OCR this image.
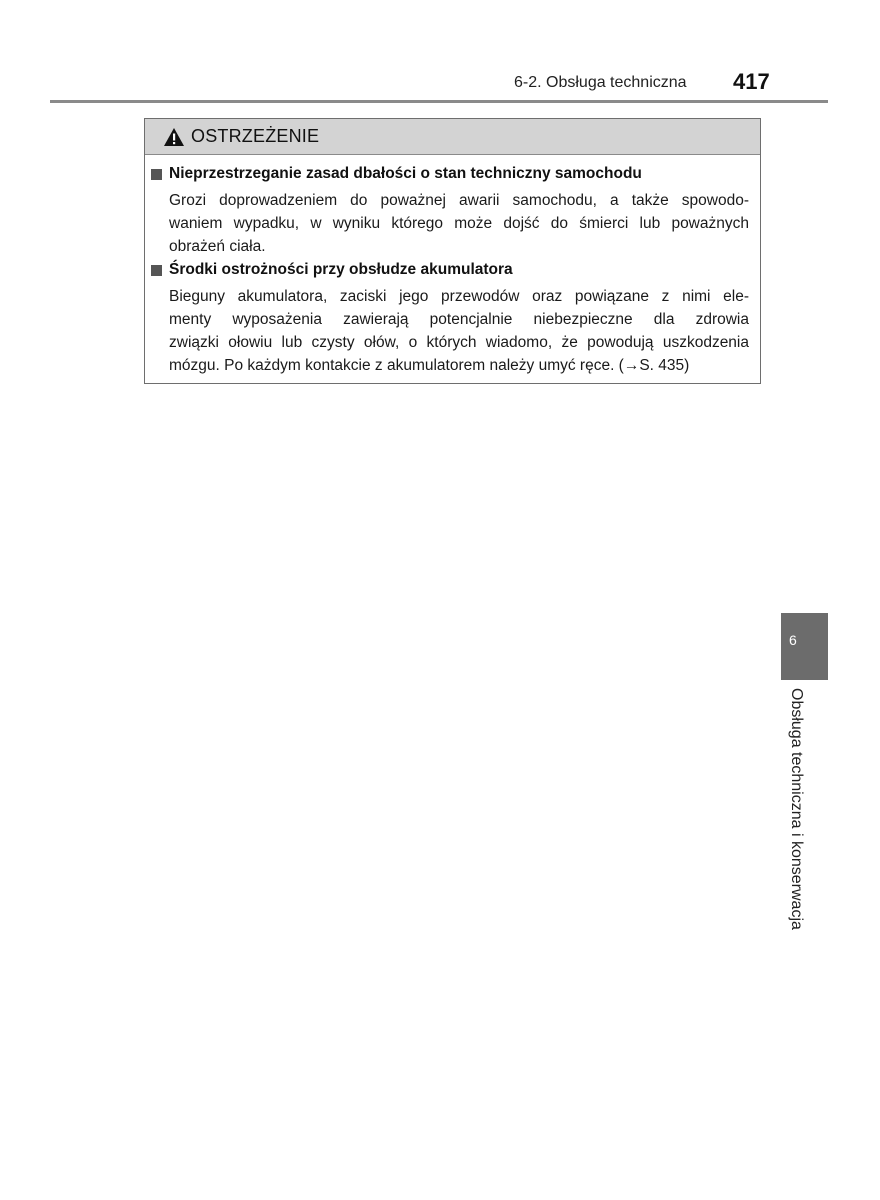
6-2. Obsługa techniczna 417
OSTRZEŻENIE
Nieprzestrzeganie zasad dbałości o stan techniczny samochodu
Grozi doprowadzeniem do poważnej awarii samochodu, a także spowodo-
waniem wypadku, w wyniku którego może dojść do śmierci lub poważnych
obrażeń ciała.
Środki ostrożności przy obsłudze akumulatora
Bieguny akumulatora, zaciski jego przewodów oraz powiązane z nimi ele-
menty wyposażenia zawierają potencjalnie niebezpieczne dla zdrowia
związki ołowiu lub czysty ołów, o których wiadomo, że powodują uszkodzenia
mózgu. Po każdym kontakcie z akumulatorem należy umyć ręce. (→S. 435)
6
Obsługa techniczna i konserwacja
